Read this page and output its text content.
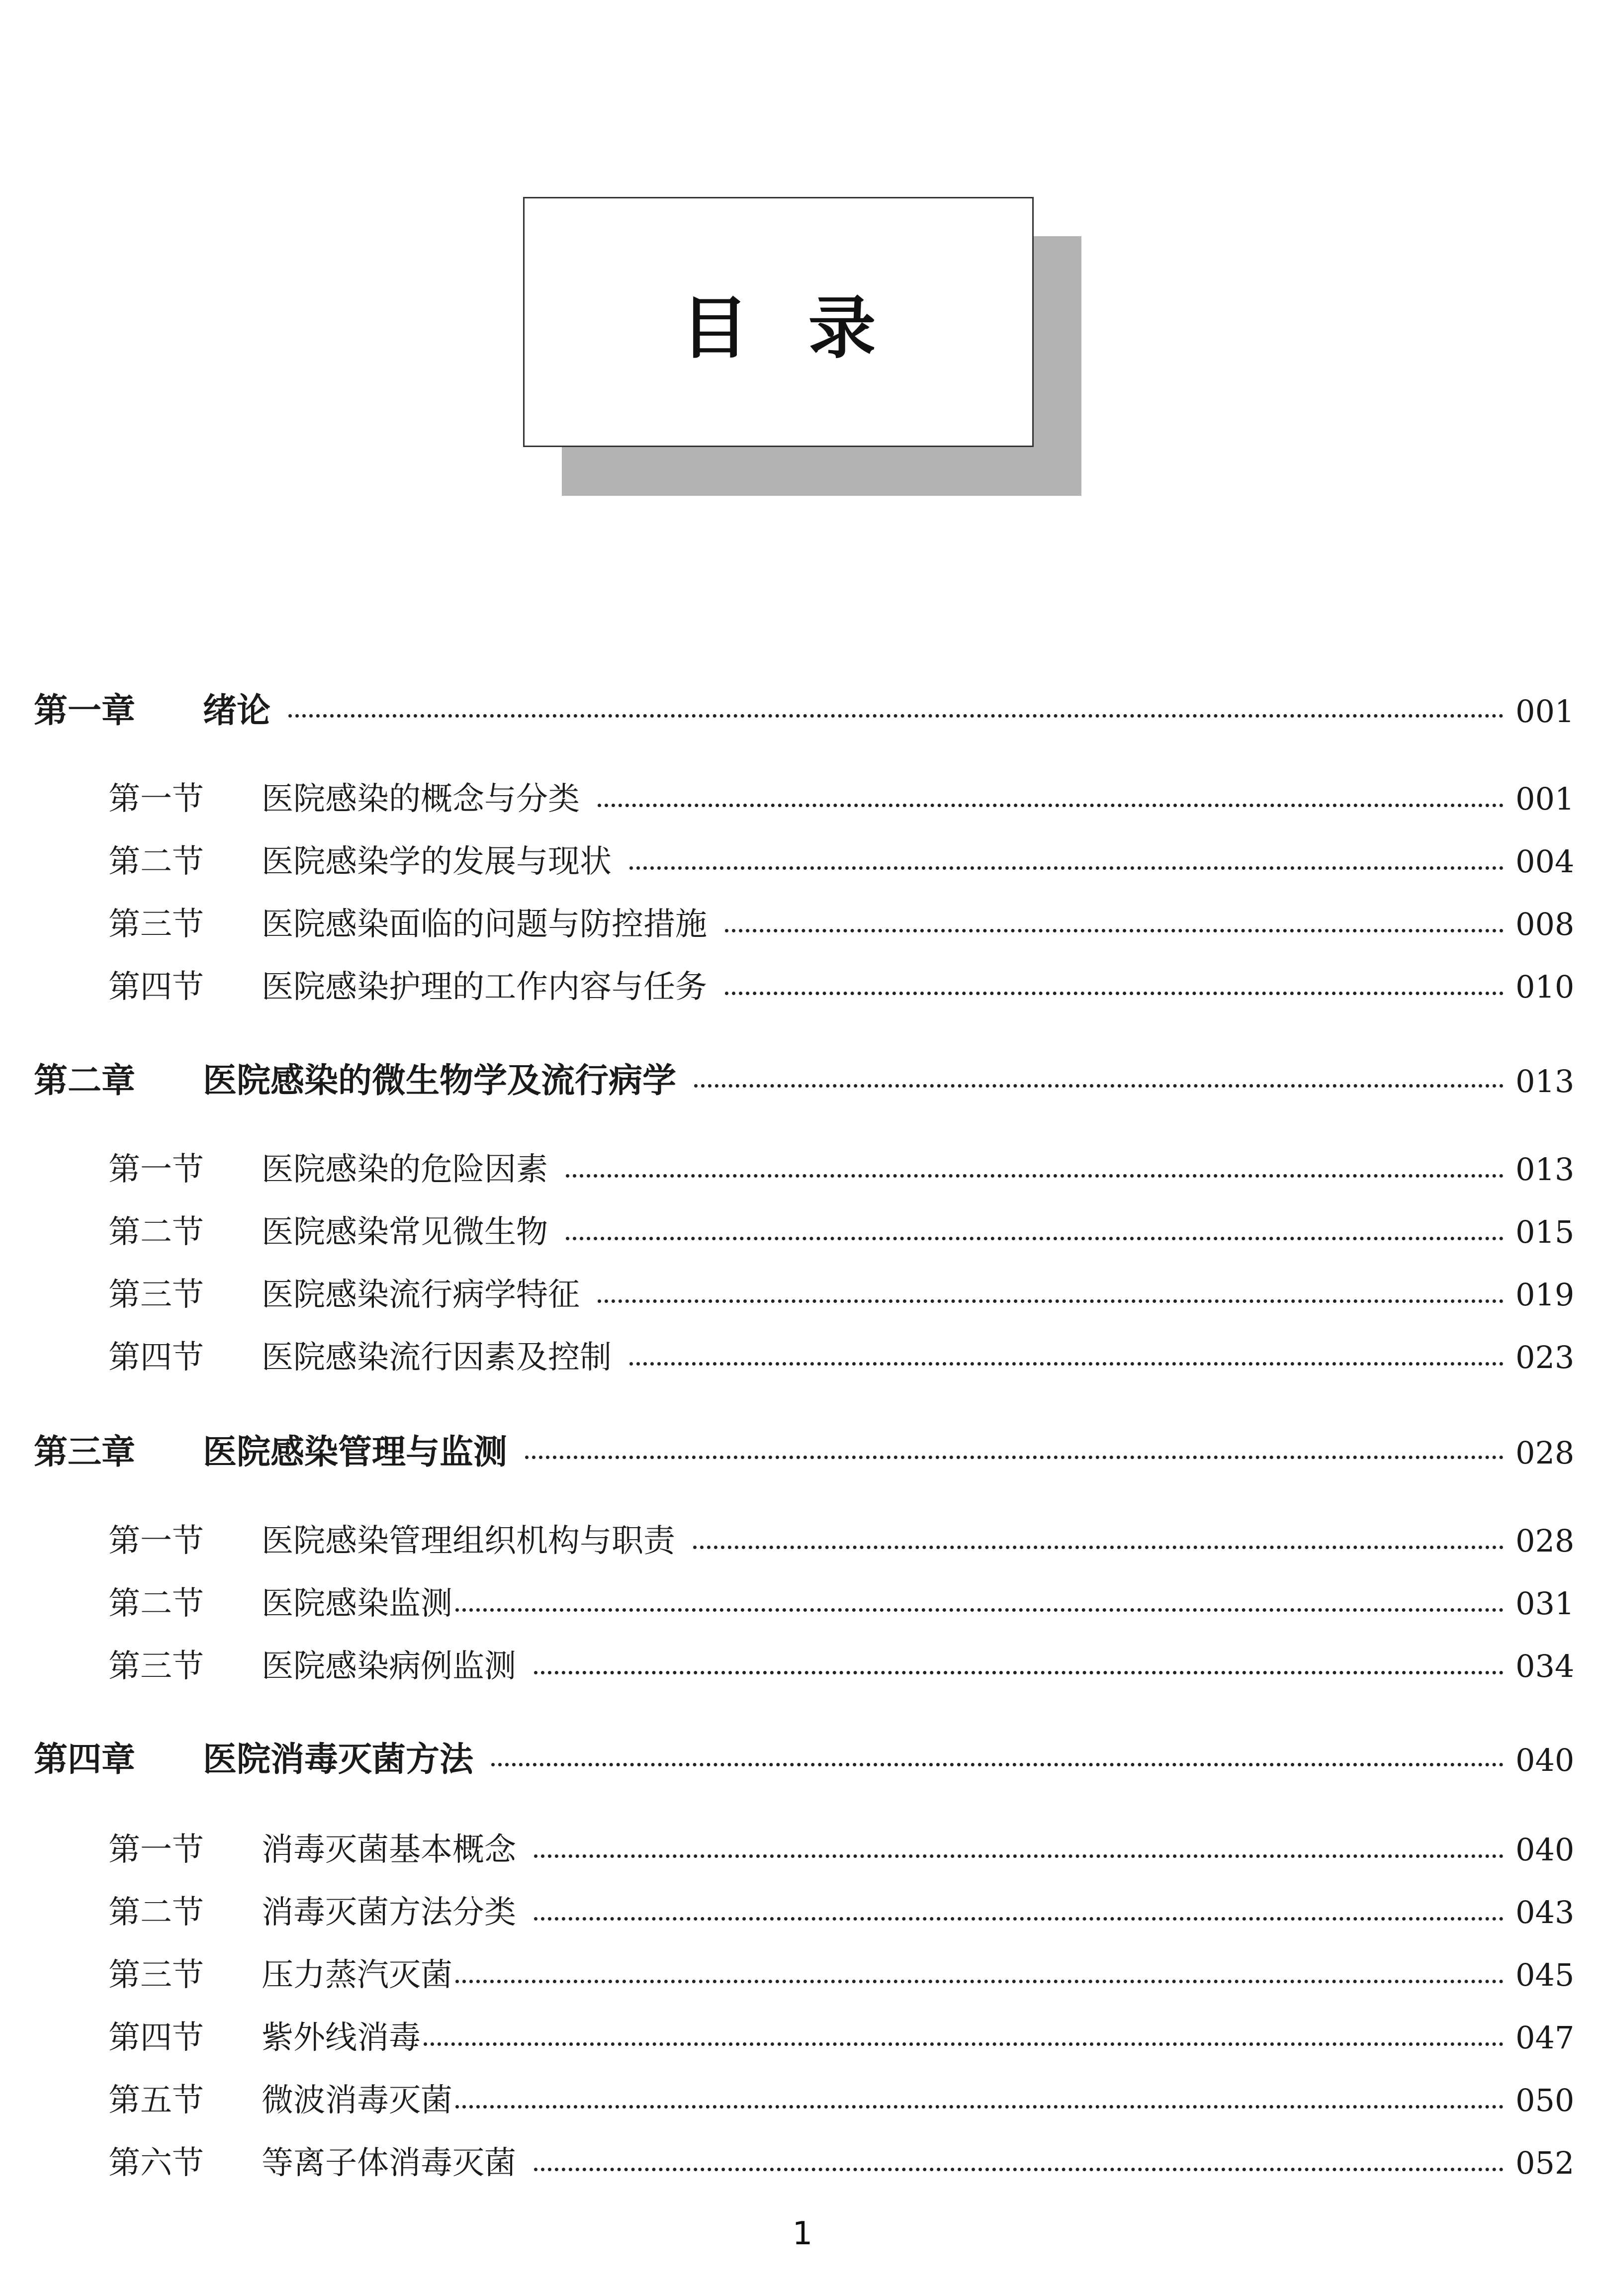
目录
第一章	绪论	001
第一节	医院感染的概念与分类	001
第二节	医院感染学的发展与现状	004
第三节	医院感染面临的问题与防控措施	008
第四节	医院感染护理的工作内容与任务	010
第二章	医院感染的微生物学及流行病学	013
第一节	医院感染的危险因素	013
第二节	医院感染常见微生物	015
第三节	医院感染流行病学特征	019
第四节	医院感染流行因素及控制	023
第三章	医院感染管理与监测	028
第一节	医院感染管理组织机构与职责	028
第二节	医院感染监测	031
第三节	医院感染病例监测	034
第四章	医院消毒灭菌方法	040
第一节	消毒灭菌基本概念	040
第二节	消毒灭菌方法分类	043
第三节	压力蒸汽灭菌	045
第四节	紫外线消毒	047
第五节	微波消毒灭菌	050
第六节	等离子体消毒灭菌	052
1
